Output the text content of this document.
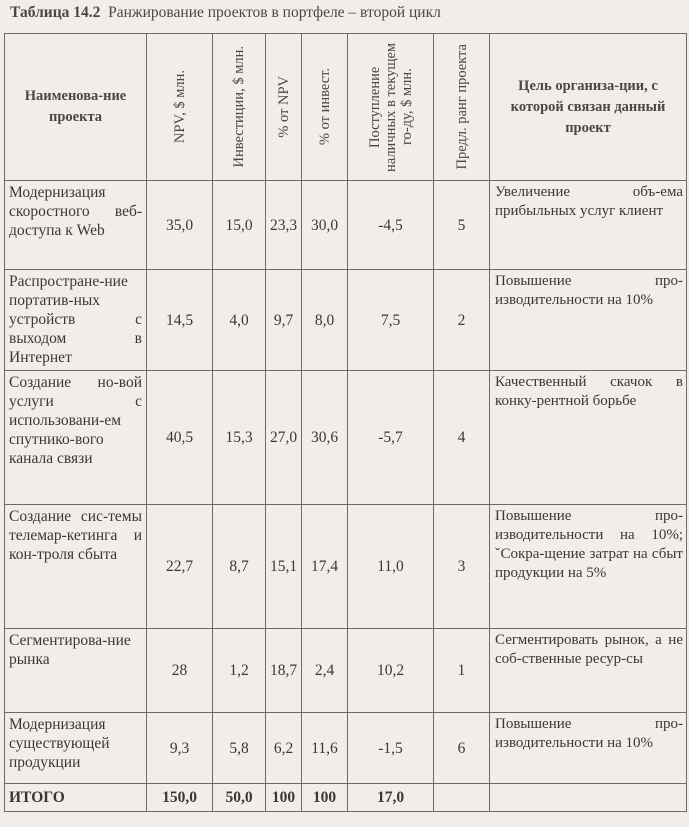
Таблица 14.2 Ранжирование проектов в портфеле – второй цикл
Наименова-ние проекта	NPV, $ млн.	Инвестиции, $ млн.	% от NPV	% от инвест.	Поступление наличных в текущем го-ду, $ млн.	Предл. ранг проекта	Цель организа-ции, с которой связан данный проект
Модернизация скоростного веб-доступа к Web	35,0	15,0	23,3	30,0	-4,5	5	Увеличение объ-ема прибыльных услуг клиент
Распростране-ние портатив-ных устройств с выходом в Интернет	14,5	4,0	9,7	8,0	7,5	2	Повышение про-изводительности на 10%
Создание но-вой услуги с использовани-ем спутнико-вого канала связи	40,5	15,3	27,0	30,6	-5,7	4	Качественный скачок в конку-рентной борьбе
Создание сис-темы телемар-кетинга и кон-троля сбыта	22,7	8,7	15,1	17,4	11,0	3	Повышение про-изводительности на 10%; ˇСокра-щение затрат на сбыт продукции на 5%
Сегментирова-ние рынка	28	1,2	18,7	2,4	10,2	1	Сегментировать рынок, а не соб-ственные ресур-сы
Модернизация существующей продукции	9,3	5,8	6,2	11,6	-1,5	6	Повышение про-изводительности на 10%
ИТОГО	150,0	50,0	100	100	17,0		
